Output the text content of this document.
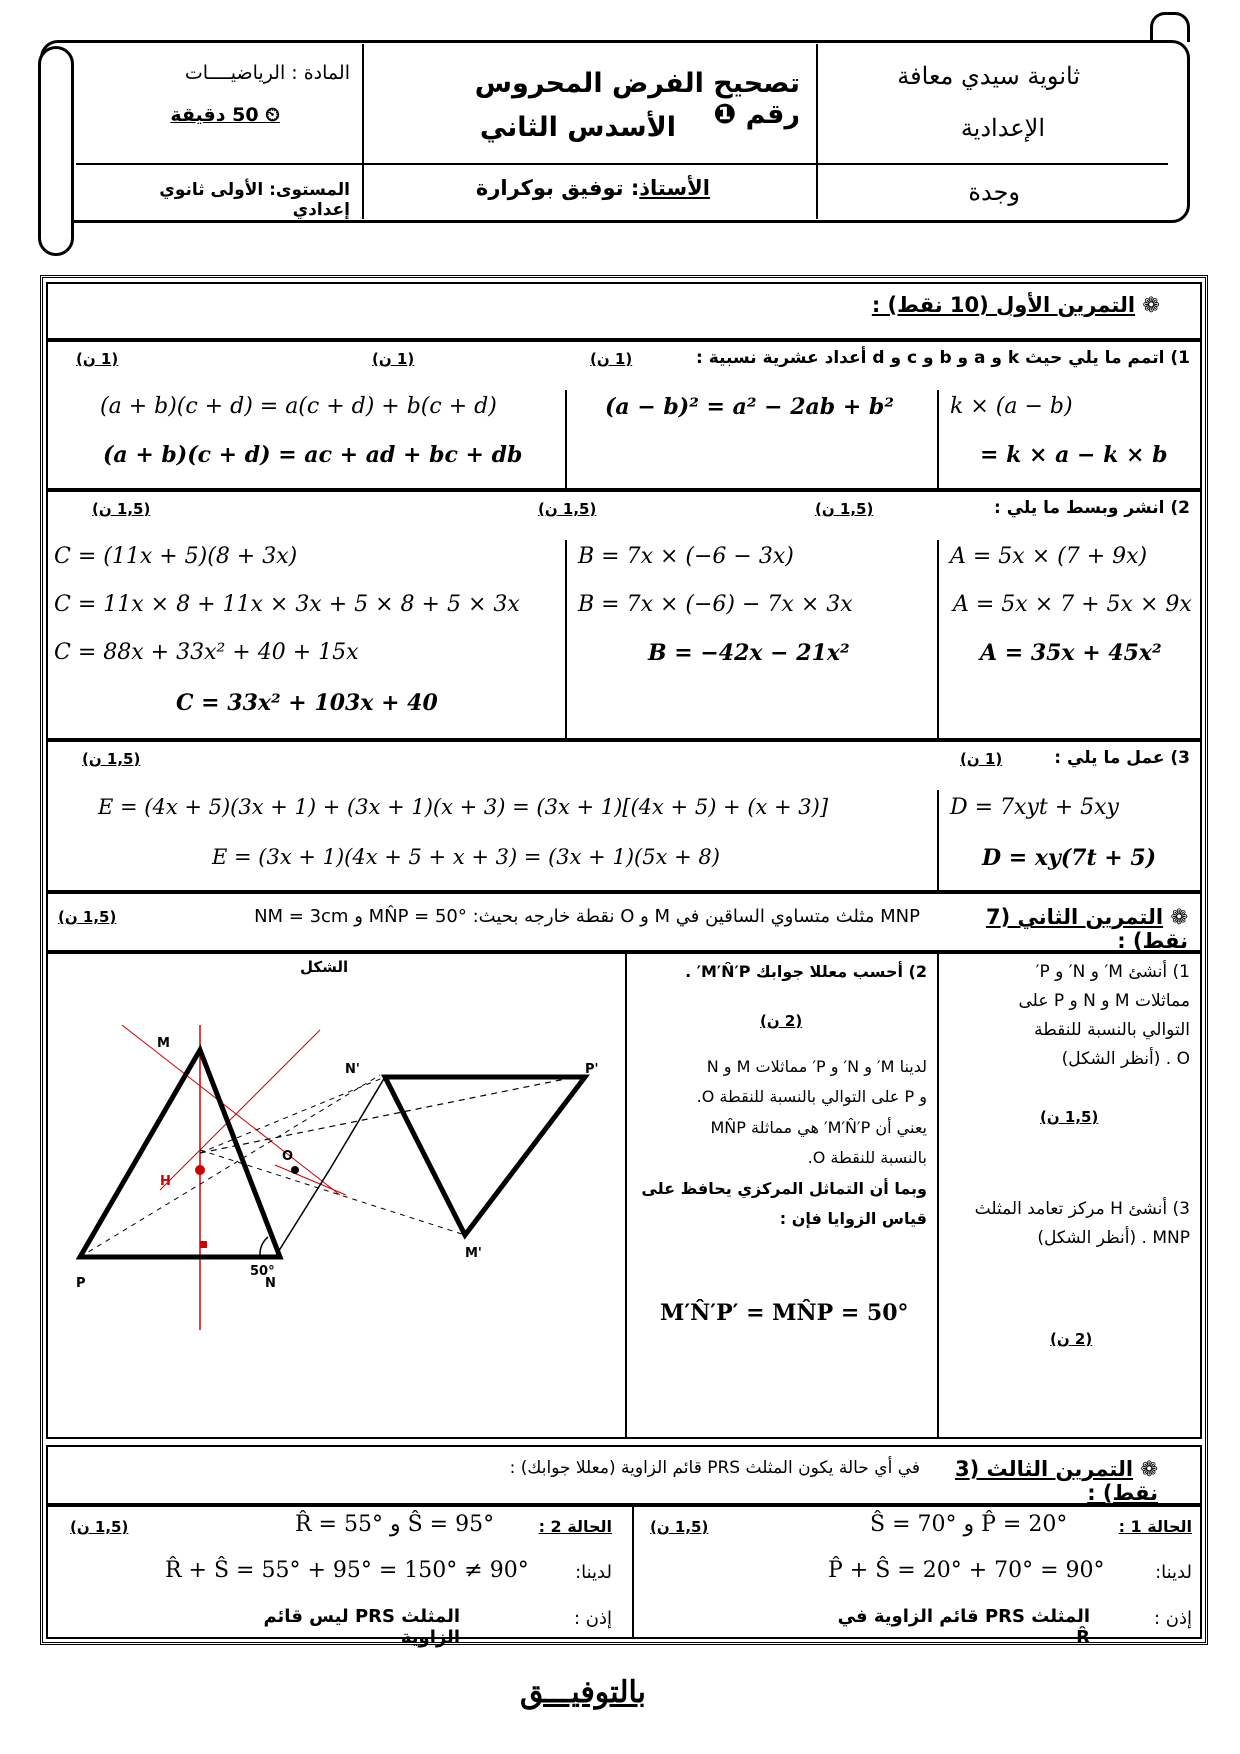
ثانوية سيدي معافة
الإعدادية
وجدة
تصحيح الفرض المحروس رقم ❶
الأسدس الثاني
الأستاذ: توفيق بوكرارة
المادة : الرياضيــــات
⏲ 50 دقيقة
المستوى: الأولى ثانوي إعدادي
❁ التمرين الأول (10 نقط) :
1) اتمم ما يلي حيث k و a و b و c و d أعداد عشرية نسبية :
(1 ن)
(1 ن)
(1 ن)
k × (a − b)
= k × a − k × b
(a − b)² = a² − 2ab + b²
(a + b)(c + d) = a(c + d) + b(c + d)
(a + b)(c + d) = ac + ad + bc + db
2) انشر وبسط ما يلي :
(1,5 ن)
(1,5 ن)
(1,5 ن)
A = 5x × (7 + 9x)
A = 5x × 7 + 5x × 9x
A = 35x + 45x²
B = 7x × (−6 − 3x)
B = 7x × (−6) − 7x × 3x
B = −42x − 21x²
C = (11x + 5)(8 + 3x)
C = 11x × 8 + 11x × 3x + 5 × 8 + 5 × 3x
C = 88x + 33x² + 40 + 15x
C = 33x² + 103x + 40
3) عمل ما يلي :
(1 ن)
(1,5 ن)
D = 7xyt + 5xy
D = xy(7t + 5)
E = (4x + 5)(3x + 1) + (3x + 1)(x + 3) = (3x + 1)[(4x + 5) + (x + 3)]
E = (3x + 1)(4x + 5 + x + 3) = (3x + 1)(5x + 8)
❁ التمرين الثاني (7 نقط) :
MNP مثلث متساوي الساقين في M و O نقطة خارجه بحيث: MN̂P = 50° و NM = 3cm
(1,5 ن)
1) أنشئ M′ و N′ و P′
مماثلات M و N و P على
التوالي بالنسبة للنقطة
O . (أنظر الشكل)
(1,5 ن)
3) أنشئ H مركز تعامد المثلث
MNP . (أنظر الشكل)
(2 ن)
2) أحسب معللا جوابك M′N̂′P′ .
(2 ن)
لدينا M′ و N′ و P′ مماثلات M و N
و P على التوالي بالنسبة للنقطة O.
يعني أن M′N̂′P′ هي مماثلة MN̂P
بالنسبة للنقطة O.
وبما أن التماثل المركزي يحافظ على
قياس الزوايا فإن :
M′N̂′P′ = MN̂P = 50°
الشكل
M
N
P
H
O
M'
N'	P'
50°
❁ التمرين الثالث (3 نقط) :
في أي حالة يكون المثلث PRS قائم الزاوية (معللا جوابك) :
الحالة 1 :
Ŝ = 70° و P̂ = 20°
(1,5 ن)
لدينا:
P̂ + Ŝ = 20° + 70° = 90°
إذن :
المثلث PRS قائم الزاوية في R̂
الحالة 2 :
R̂ = 55° و Ŝ = 95°
(1,5 ن)
لدينا:
R̂ + Ŝ = 55° + 95° = 150° ≠ 90°
إذن :
المثلث PRS ليس قائم الزاوية
بالتوفيـــق
